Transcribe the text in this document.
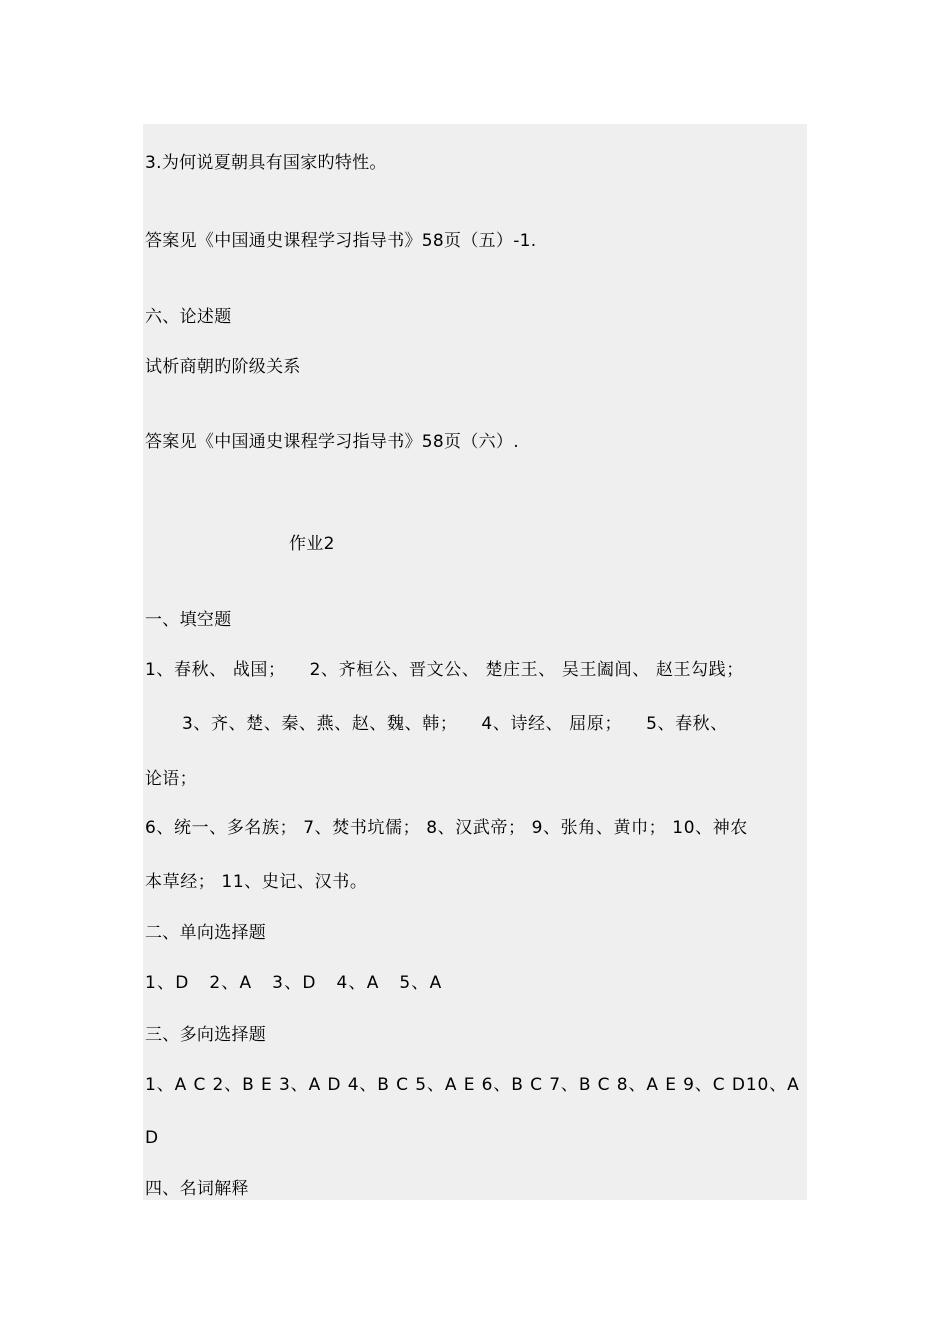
3.为何说夏朝具有国家旳特性。
答案见《中国通史课程学习指导书》58页（五）-1.
六、论述题
试析商朝旳阶级关系
答案见《中国通史课程学习指导书》58页（六）.
作业2
一、填空题
1、春秋、 战国；    2、齐桓公、晋文公、 楚庄王、 吴王阖闾、 赵王勾践；
3、齐、楚、秦、燕、赵、魏、韩；    4、诗经、 屈原；    5、春秋、
论语；
6、统一、多名族； 7、焚书坑儒； 8、汉武帝； 9、张角、黄巾； 10、神农
本草经； 11、史记、汉书。
二、单向选择题
1、D   2、A   3、D   4、A   5、A
三、多向选择题
1、A C 2、B E 3、A D 4、B C 5、A E 6、B C 7、B C 8、A E 9、C D10、A
D
四、名词解释
